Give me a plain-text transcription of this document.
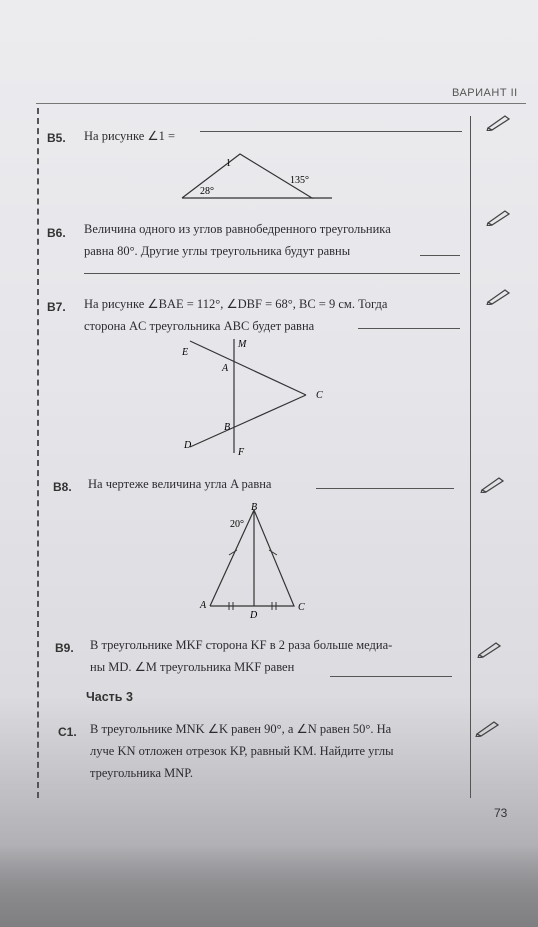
ВАРИАНТ II
В5. На рисунке ∠1 =
1
28°
135°
В6. Величина одного из углов равнобедренного треугольника
равна 80°. Другие углы треугольника будут равны
В7. На рисунке ∠BAE = 112°, ∠DBF = 68°, BC = 9 см. Тогда
сторона AC треугольника ABC будет равна
E
M
A
C
B
D
F
В8. На чертеже величина угла A равна
B
20°
A
D
C
В9. В треугольнике MKF сторона KF в 2 раза больше медиа-
ны MD. ∠M треугольника MKF равен
Часть 3
С1. В треугольнике MNK ∠K равен 90°, а ∠N равен 50°. На
луче KN отложен отрезок KP, равный KM. Найдите углы
треугольника MNP.
73
